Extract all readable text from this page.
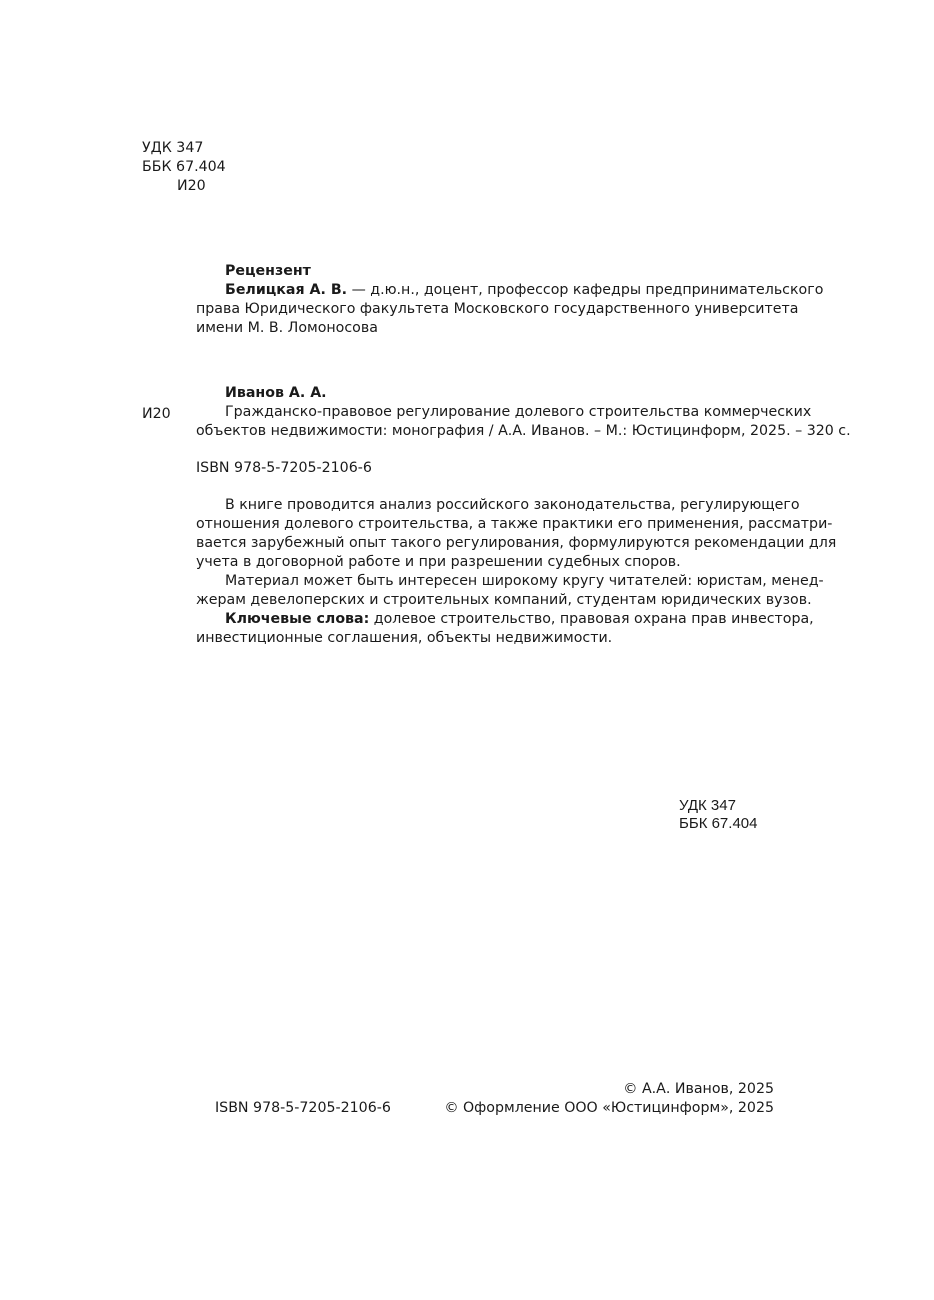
УДК 347
ББК 67.404
И20
Рецензент
Белицкая А. В. — д.ю.н., доцент, профессор кафедры предпринимательского
права Юридического факультета Московского государственного университета
имени М. В. Ломоносова
И20
Иванов А. А.
Гражданско-правовое регулирование долевого строительства коммерческих
объектов недвижимости: монография / А.А. Иванов. – М.: Юстицинформ, 2025. – 320 с.
ISBN 978-5-7205-2106-6
В книге проводится анализ российского законодательства, регулирующего
отношения долевого строительства, а также практики его применения, рассматри-
вается зарубежный опыт такого регулирования, формулируются рекомендации для
учета в договорной работе и при разрешении судебных споров.
Материал может быть интересен широкому кругу читателей: юристам, менед-
жерам девелоперских и строительных компаний, студентам юридических вузов.
Ключевые слова: долевое строительство, правовая охрана прав инвестора,
инвестиционные соглашения, объекты недвижимости.
УДК 347
ББК 67.404
ISBN 978-5-7205-2106-6
© А.А. Иванов, 2025
© Оформление ООО «Юстицинформ», 2025
